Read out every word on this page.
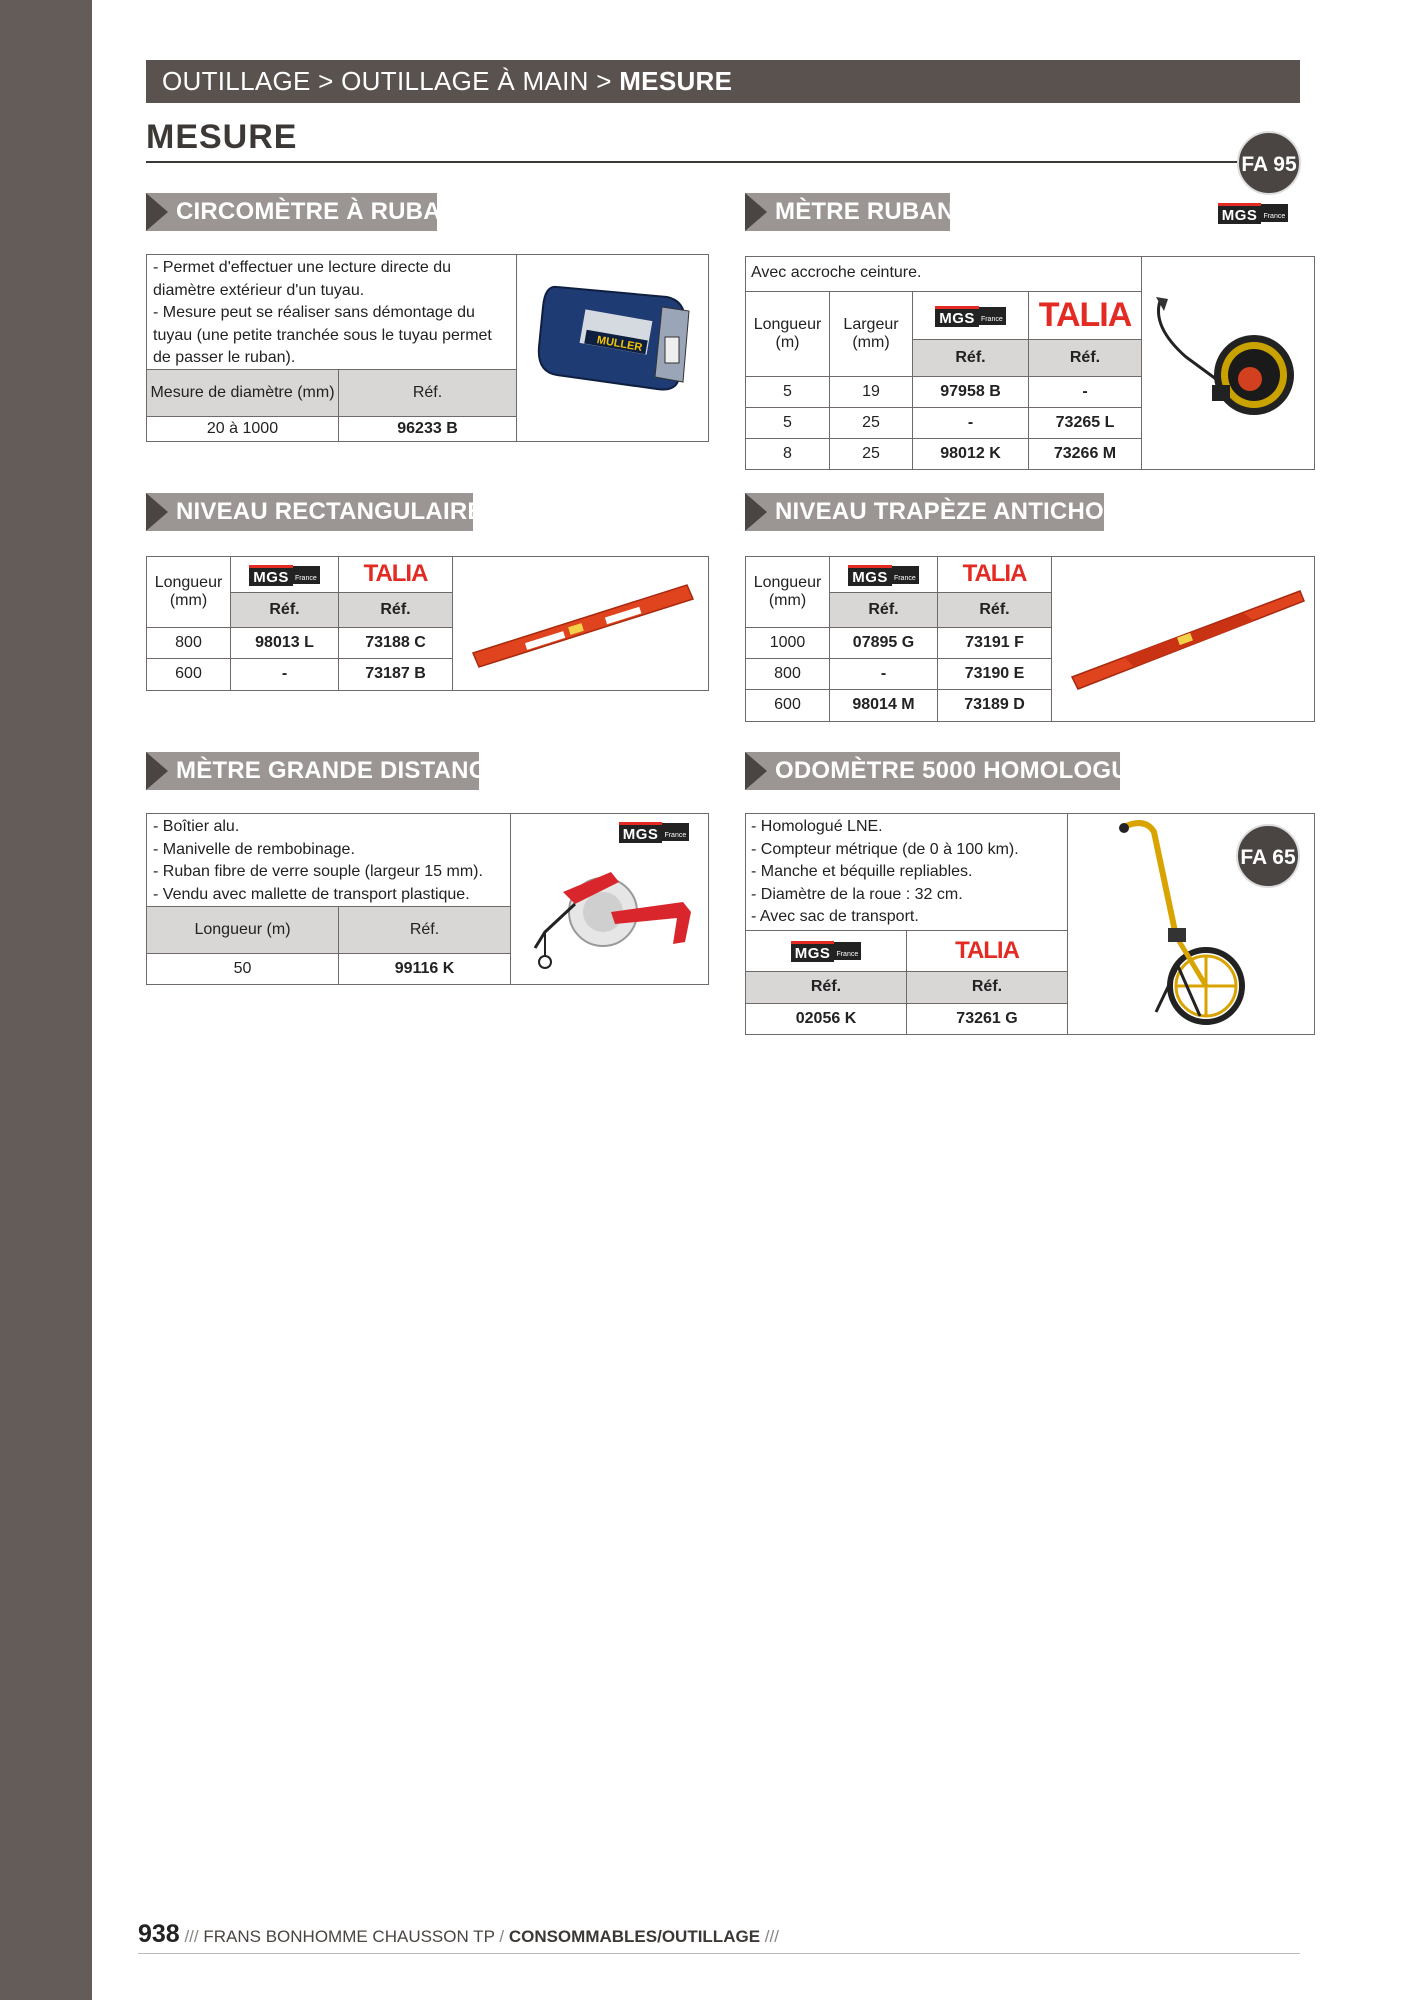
OUTILLAGE > OUTILLAGE À MAIN > MESURE
MESURE
FA 95
MGS France
CIRCOMÈTRE À RUBAN
- Permet d'effectuer une lecture directe du
diamètre extérieur d'un tuyau.
- Mesure peut se réaliser sans démontage du
tuyau (une petite tranchée sous le tuyau permet
de passer le ruban).
Mesure de diamètre (mm)	Réf.
20 à 1000	96233 B
MULLER
MÈTRE RUBAN
Avec accroche ceinture.
Longueur (m)
Largeur (mm)
MGS France TALIA
Réf.	Réf.
5	19	97958 B	-
5	25	-	73265 L
8	25	98012 K	73266 M
NIVEAU RECTANGULAIRE
Longueur (mm)
MGS France	TALIA
Réf.	Réf.
800	98013 L	73188 C
600	-	73187 B
NIVEAU TRAPÈZE ANTICHOC
Longueur (mm)
MGS France	TALIA
Réf.	Réf.
1000	07895 G	73191 F
800	-	73190 E
600	98014 M	73189 D
MÈTRE GRANDE DISTANCE
- Boîtier alu.
- Manivelle de rembobinage.
- Ruban fibre de verre souple (largeur 15 mm).
- Vendu avec mallette de transport plastique.
Longueur (m)	Réf.
50	99116 K
MGS France
ODOMÈTRE 5000 HOMOLOGUÉ
- Homologué LNE.
- Compteur métrique (de 0 à 100 km).
- Manche et béquille repliables.
- Diamètre de la roue : 32 cm.
- Avec sac de transport.
MGS France	TALIA
Réf.	Réf.
02056 K	73261 G
FA 65
938 /// FRANS BONHOMME CHAUSSON TP / CONSOMMABLES/OUTILLAGE ///
